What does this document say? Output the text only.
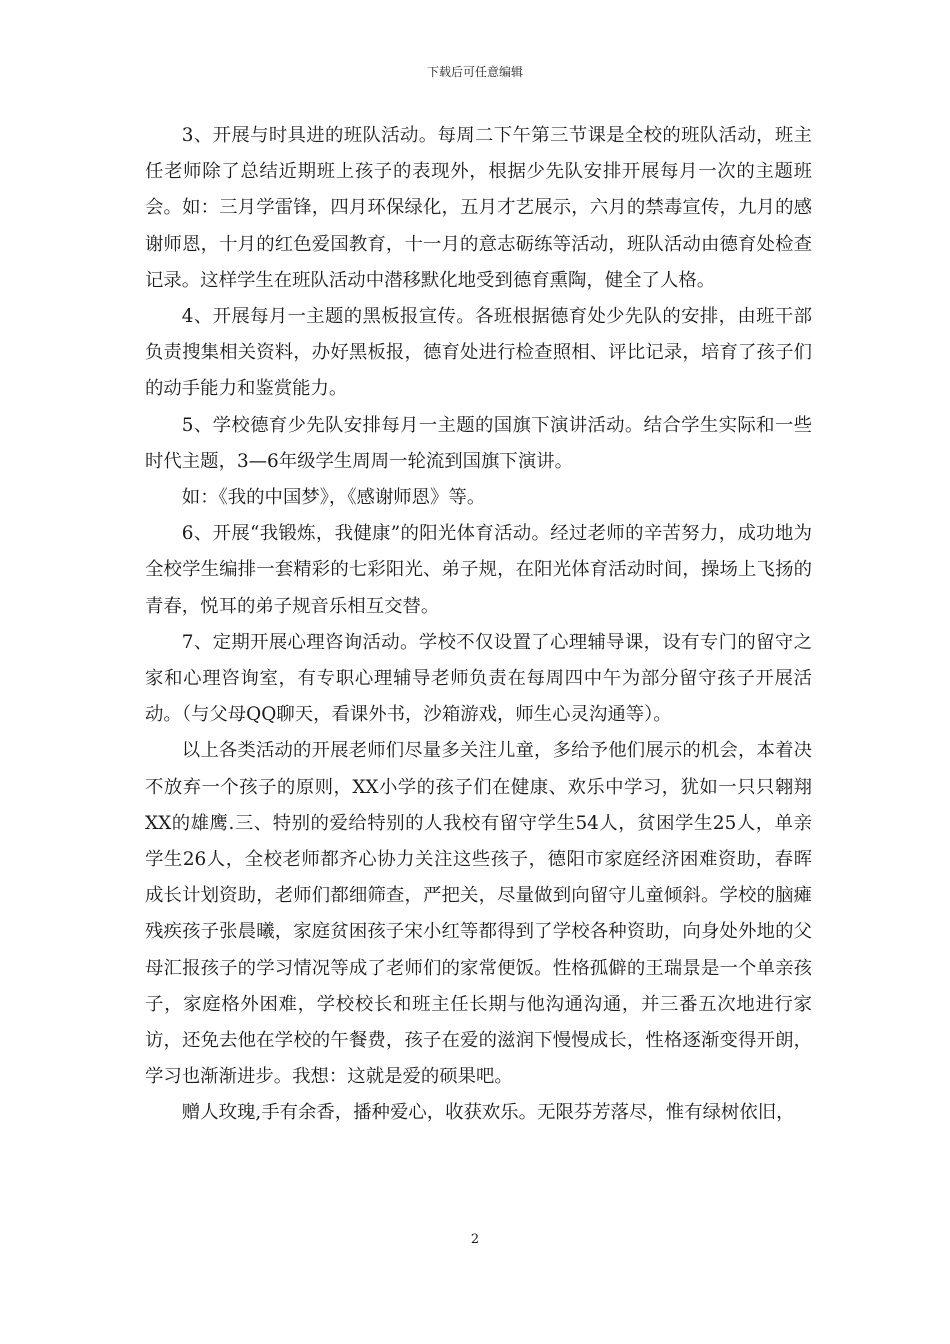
下载后可任意编辑

3、开展与时具进的班队活动。每周二下午第三节课是全校的班队活动，班主任老师除了总结近期班上孩子的表现外，根据少先队安排开展每月一次的主题班会。如：三月学雷锋，四月环保绿化，五月才艺展示，六月的禁毒宣传，九月的感谢师恩，十月的红色爱国教育，十一月的意志砺练等活动，班队活动由德育处检查记录。这样学生在班队活动中潜移默化地受到德育熏陶，健全了人格。

4、开展每月一主题的黑板报宣传。各班根据德育处少先队的安排，由班干部负责搜集相关资料，办好黑板报，德育处进行检查照相、评比记录，培育了孩子们的动手能力和鉴赏能力。

5、学校德育少先队安排每月一主题的国旗下演讲活动。结合学生实际和一些时代主题，3—6年级学生周周一轮流到国旗下演讲。

如：《我的中国梦》，《感谢师恩》等。

6、开展“我锻炼，我健康”的阳光体育活动。经过老师的辛苦努力，成功地为全校学生编排一套精彩的七彩阳光、弟子规，在阳光体育活动时间，操场上飞扬的青春，悦耳的弟子规音乐相互交替。

7、定期开展心理咨询活动。学校不仅设置了心理辅导课，设有专门的留守之家和心理咨询室，有专职心理辅导老师负责在每周四中午为部分留守孩子开展活动。（与父母QQ聊天，看课外书，沙箱游戏，师生心灵沟通等）。

以上各类活动的开展老师们尽量多关注儿童，多给予他们展示的机会，本着决不放弃一个孩子的原则，XX小学的孩子们在健康、欢乐中学习，犹如一只只翱翔XX的雄鹰.三、特别的爱给特别的人我校有留守学生54人，贫困学生25人，单亲学生26人，全校老师都齐心协力关注这些孩子，德阳市家庭经济困难资助，春晖成长计划资助，老师们都细筛查，严把关，尽量做到向留守儿童倾斜。学校的脑瘫残疾孩子张晨曦，家庭贫困孩子宋小红等都得到了学校各种资助，向身处外地的父母汇报孩子的学习情况等成了老师们的家常便饭。性格孤僻的王瑞景是一个单亲孩子，家庭格外困难，学校校长和班主任长期与他沟通沟通，并三番五次地进行家访，还免去他在学校的午餐费，孩子在爱的滋润下慢慢成长，性格逐渐变得开朗，学习也渐渐进步。我想：这就是爱的硕果吧。

赠人玫瑰,手有余香，播种爱心，收获欢乐。无限芬芳落尽，惟有绿树依旧，

2
